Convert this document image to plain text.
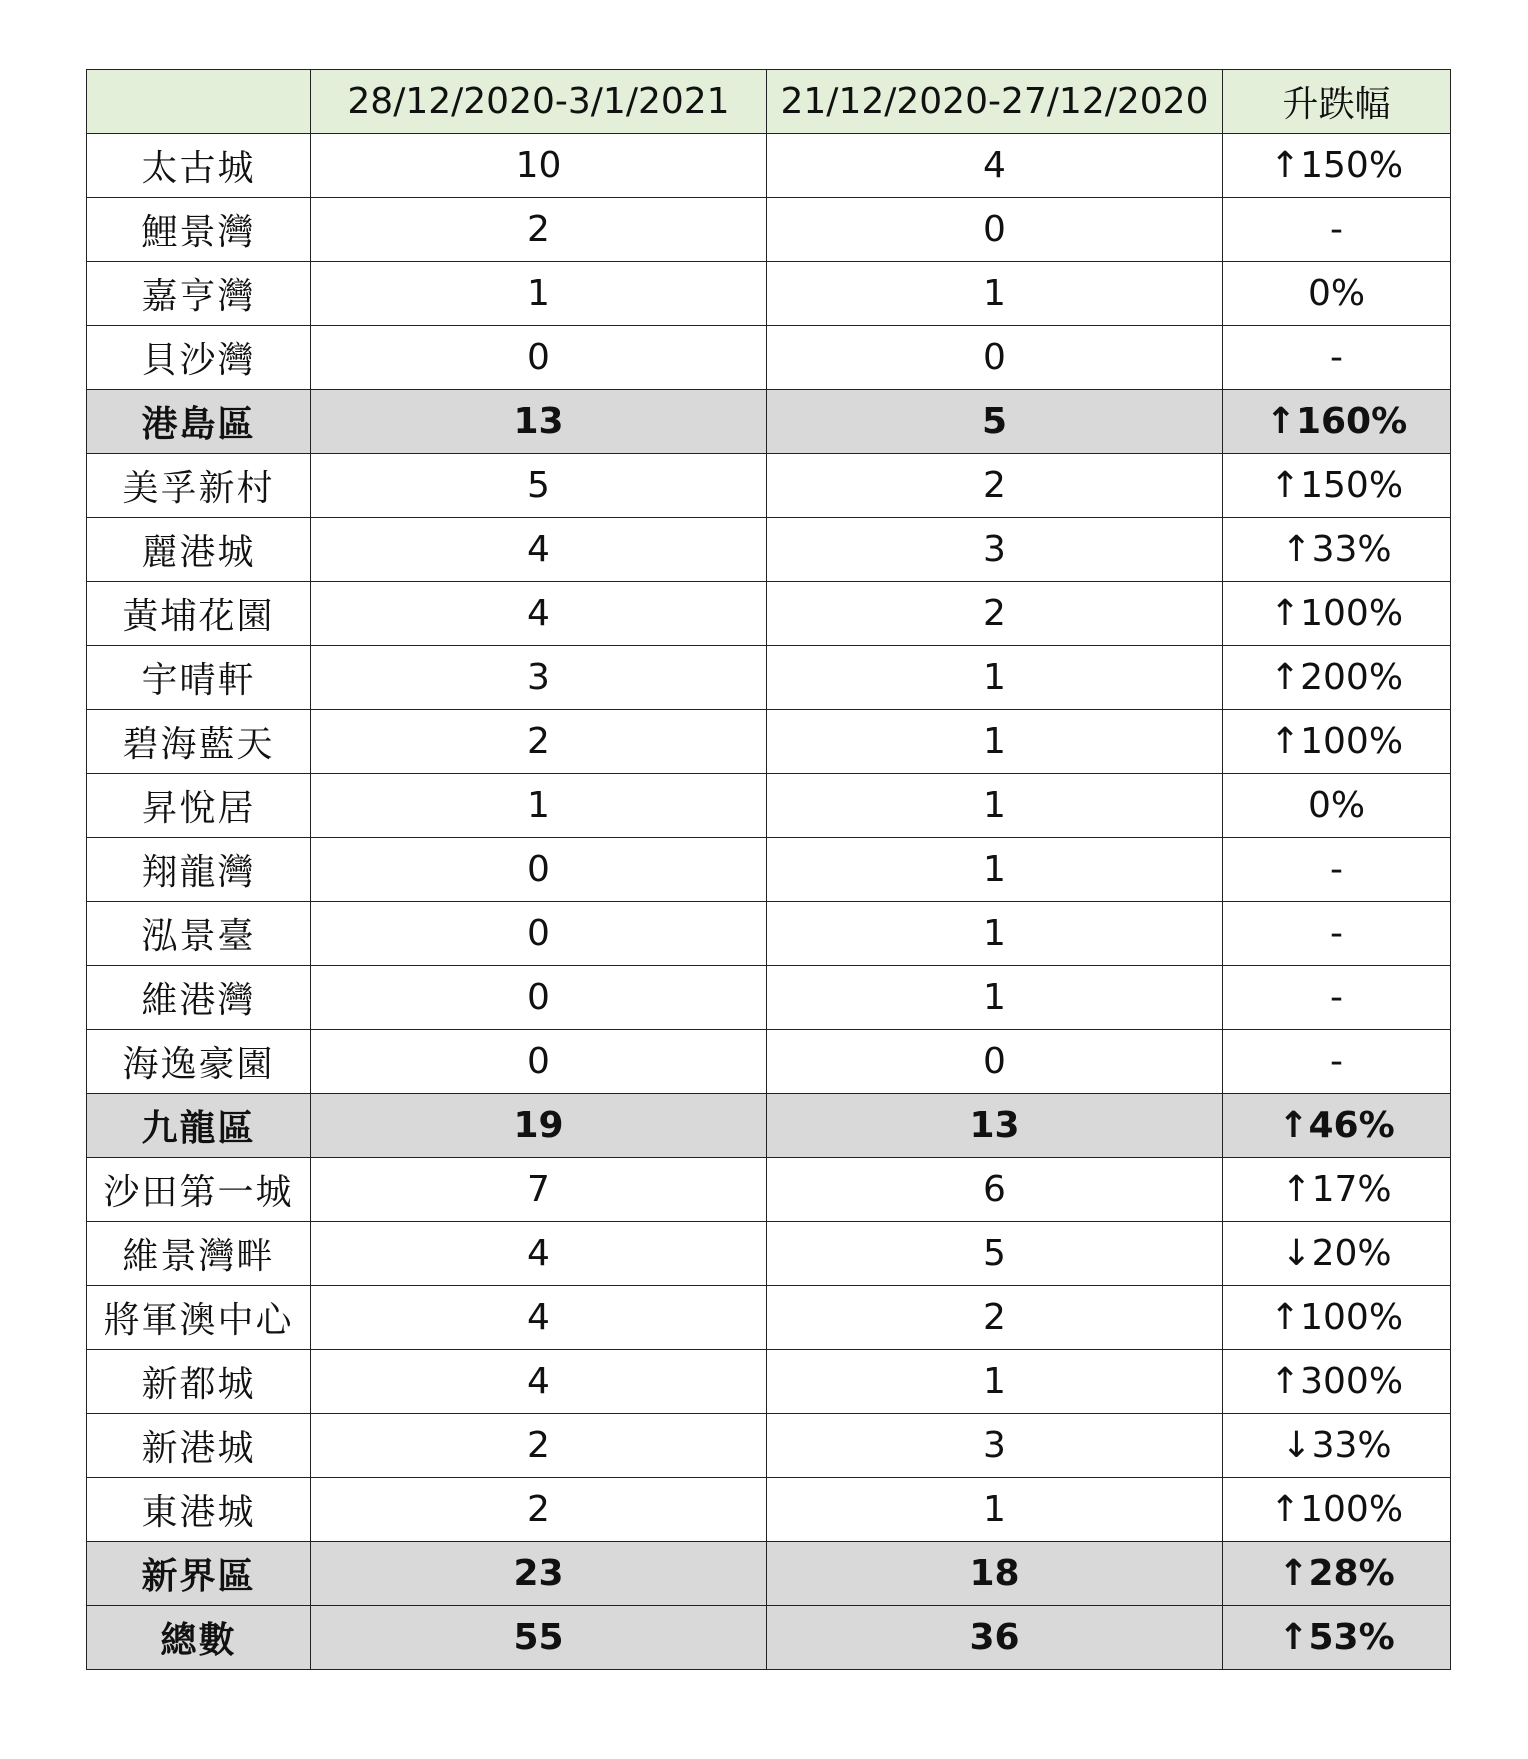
	28/12/2020-3/1/2021	21/12/2020-27/12/2020	升跌幅
太古城	10	4	↑150%
鯉景灣	2	0	-
嘉亨灣	1	1	0%
貝沙灣	0	0	-
港島區	13	5	↑160%
美孚新村	5	2	↑150%
麗港城	4	3	↑33%
黃埔花園	4	2	↑100%
宇晴軒	3	1	↑200%
碧海藍天	2	1	↑100%
昇悅居	1	1	0%
翔龍灣	0	1	-
泓景臺	0	1	-
維港灣	0	1	-
海逸豪園	0	0	-
九龍區	19	13	↑46%
沙田第一城	7	6	↑17%
維景灣畔	4	5	↓20%
將軍澳中心	4	2	↑100%
新都城	4	1	↑300%
新港城	2	3	↓33%
東港城	2	1	↑100%
新界區	23	18	↑28%
總數	55	36	↑53%
